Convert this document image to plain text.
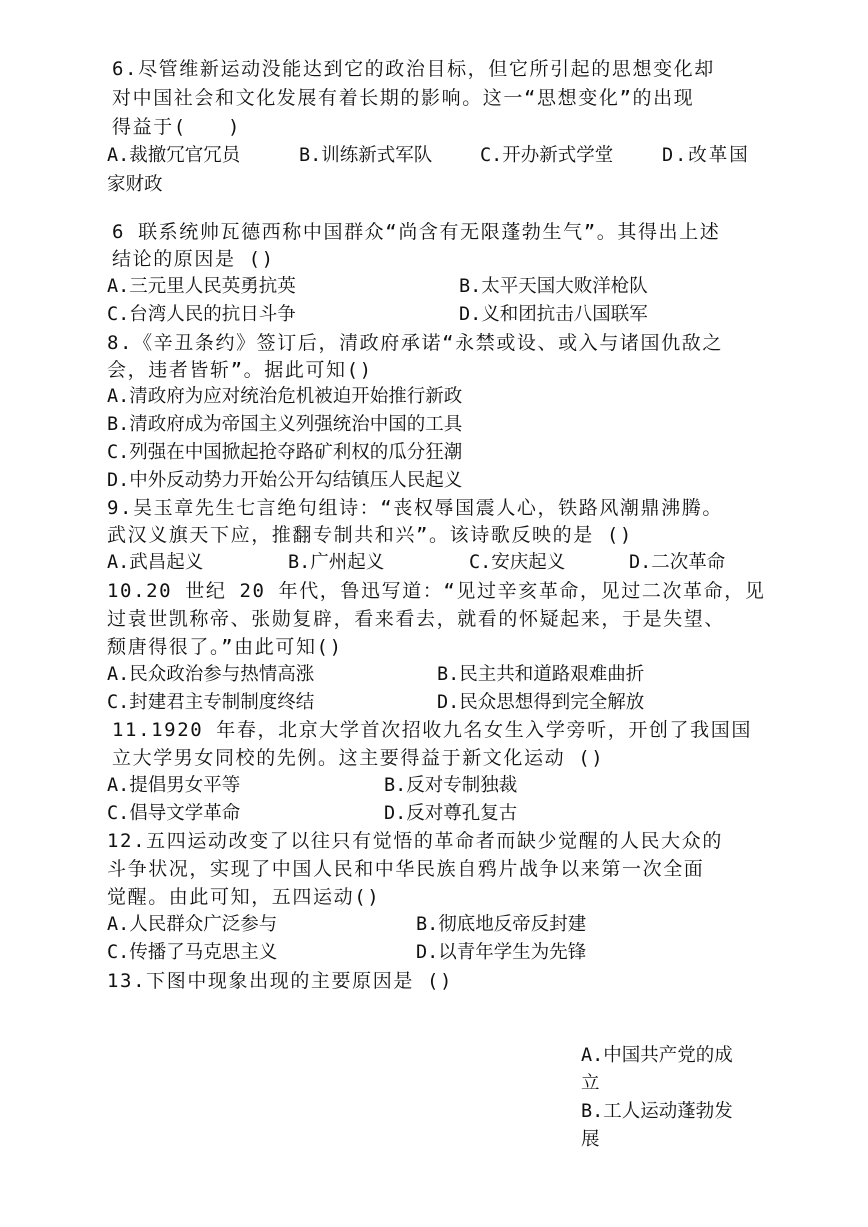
6.尽管维新运动没能达到它的政治目标，但它所引起的思想变化却
对中国社会和文化发展有着长期的影响。这一“思想变化”的出现
得益于(　　)
A.裁撤冗官冗员	B.训练新式军队	C.开办新式学堂	D.改革国
家财政
6 联系统帅瓦德西称中国群众“尚含有无限蓬勃生气”。其得出上述
结论的原因是 ()
A.三元里人民英勇抗英	B.太平天国大败洋枪队
C.台湾人民的抗日斗争	D.义和团抗击八国联军
8.《辛丑条约》签订后，清政府承诺“永禁或设、或入与诸国仇敌之
会，违者皆斩”。据此可知()
A.清政府为应对统治危机被迫开始推行新政
B.清政府成为帝国主义列强统治中国的工具
C.列强在中国掀起抢夺路矿利权的瓜分狂潮
D.中外反动势力开始公开勾结镇压人民起义
9.吴玉章先生七言绝句组诗：“丧权辱国震人心，铁路风潮鼎沸腾。
武汉义旗天下应，推翻专制共和兴”。该诗歌反映的是 ()
A.武昌起义	B.广州起义	C.安庆起义	D.二次革命
10.20 世纪 20 年代，鲁迅写道：“见过辛亥革命，见过二次革命，见
过袁世凯称帝、张勋复辟，看来看去，就看的怀疑起来，于是失望、
颓唐得很了。”由此可知()
A.民众政治参与热情高涨	B.民主共和道路艰难曲折
C.封建君主专制制度终结	D.民众思想得到完全解放
11.1920 年春，北京大学首次招收九名女生入学旁听，开创了我国国
立大学男女同校的先例。这主要得益于新文化运动 ()
A.提倡男女平等	B.反对专制独裁
C.倡导文学革命	D.反对尊孔复古
12.五四运动改变了以往只有觉悟的革命者而缺少觉醒的人民大众的
斗争状况，实现了中国人民和中华民族自鸦片战争以来第一次全面
觉醒。由此可知，五四运动()
A.人民群众广泛参与	B.彻底地反帝反封建
C.传播了马克思主义	D.以青年学生为先锋
13.下图中现象出现的主要原因是 ()
A.中国共产党的成
立
B.工人运动蓬勃发
展
